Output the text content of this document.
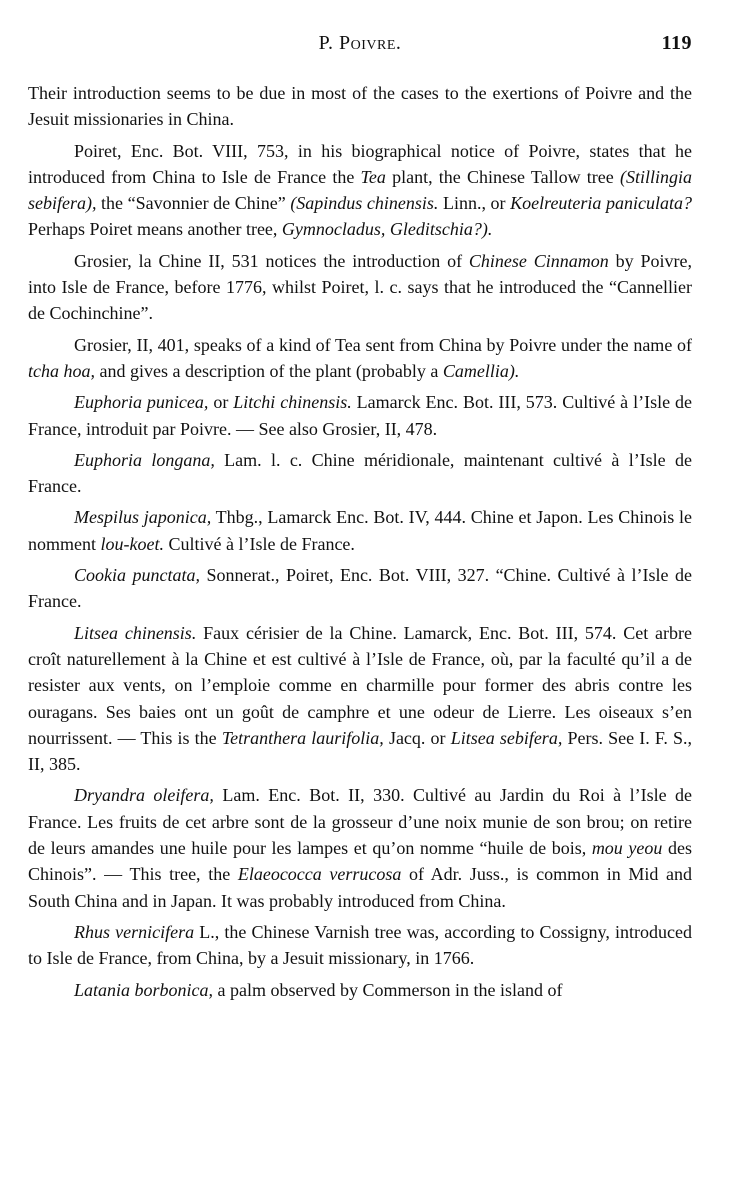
P. Poivre.	119

Their introduction seems to be due in most of the cases to the exertions of Poivre and the Jesuit missionaries in China.

Poiret, Enc. Bot. VIII, 753, in his biographical notice of Poivre, states that he introduced from China to Isle de France the Tea plant, the Chinese Tallow tree (Stillingia sebifera), the “Savonnier de Chine” (Sapindus chinensis. Linn., or Koelreuteria paniculata? Perhaps Poiret means another tree, Gymnocladus, Gleditschia?).

Grosier, la Chine II, 531 notices the introduction of Chinese Cinnamon by Poivre, into Isle de France, before 1776, whilst Poiret, l. c. says that he introduced the “Cannellier de Cochinchine”.

Grosier, II, 401, speaks of a kind of Tea sent from China by Poivre under the name of tcha hoa, and gives a description of the plant (probably a Camellia).

Euphoria punicea, or Litchi chinensis. Lamarck Enc. Bot. III, 573. Cultivé à l’Isle de France, introduit par Poivre. — See also Grosier, II, 478.

Euphoria longana, Lam. l. c. Chine méridionale, maintenant cultivé à l’Isle de France.

Mespilus japonica, Thbg., Lamarck Enc. Bot. IV, 444. Chine et Japon. Les Chinois le nomment lou-koet. Cultivé à l’Isle de France.

Cookia punctata, Sonnerat., Poiret, Enc. Bot. VIII, 327. “Chine. Cultivé à l’Isle de France.

Litsea chinensis. Faux cérisier de la Chine. Lamarck, Enc. Bot. III, 574. Cet arbre croît naturellement à la Chine et est cultivé à l’Isle de France, où, par la faculté qu’il a de resister aux vents, on l’emploie comme en charmille pour former des abris contre les ouragans. Ses baies ont un goût de camphre et une odeur de Lierre. Les oiseaux s’en nourrissent. — This is the Tetranthera laurifolia, Jacq. or Litsea sebifera, Pers. See I. F. S., II, 385.

Dryandra oleifera, Lam. Enc. Bot. II, 330. Cultivé au Jardin du Roi à l’Isle de France. Les fruits de cet arbre sont de la grosseur d’une noix munie de son brou; on retire de leurs amandes une huile pour les lampes et qu’on nomme “huile de bois, mou yeou des Chinois”. — This tree, the Elaeococca verrucosa of Adr. Juss., is common in Mid and South China and in Japan. It was probably introduced from China.

Rhus vernicifera L., the Chinese Varnish tree was, according to Cossigny, introduced to Isle de France, from China, by a Jesuit missionary, in 1766.

Latania borbonica, a palm observed by Commerson in the island of
